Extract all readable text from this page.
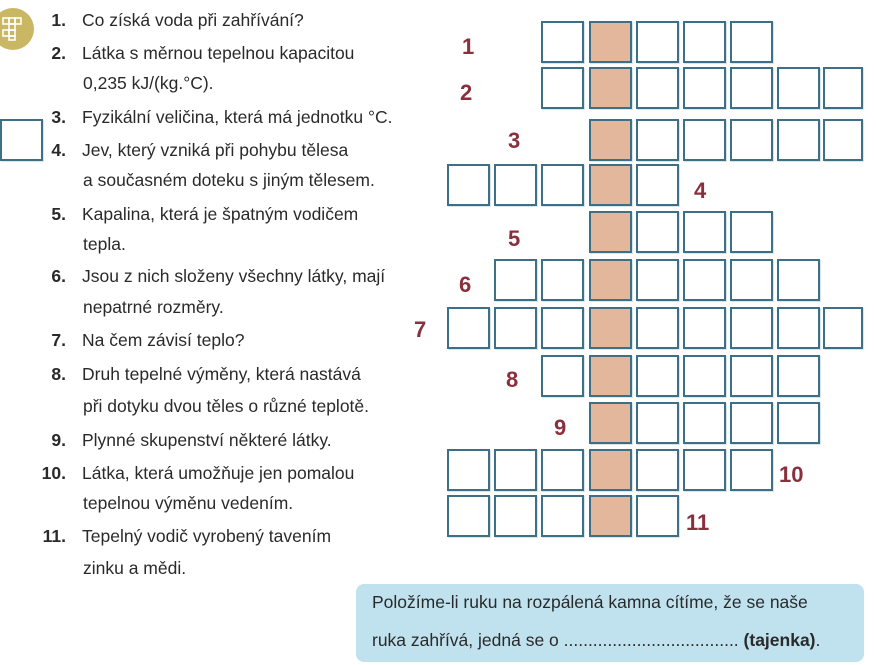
1. Co získá voda při zahřívání?
2. Látka s měrnou tepelnou kapacitou
0,235 kJ/(kg.°C).
3. Fyzikální veličina, která má jednotku °C.
4. Jev, který vzniká při pohybu tělesa
a současném doteku s jiným tělesem.
5. Kapalina, která je špatným vodičem
tepla.
6. Jsou z nich složeny všechny látky, mají
nepatrné rozměry.
7. Na čem závisí teplo?
8. Druh tepelné výměny, která nastává
při dotyku dvou těles o různé teplotě.
9. Plynné skupenství některé látky.
10. Látka, která umožňuje jen pomalou
tepelnou výměnu vedením.
11. Tepelný vodič vyrobený tavením
zinku a mědi.
1
2
3
4
5
6
7
8
9
10
11
Položíme-li ruku na rozpálená kamna cítíme, že se naše
ruka zahřívá, jedná se o .................................... (tajenka).
